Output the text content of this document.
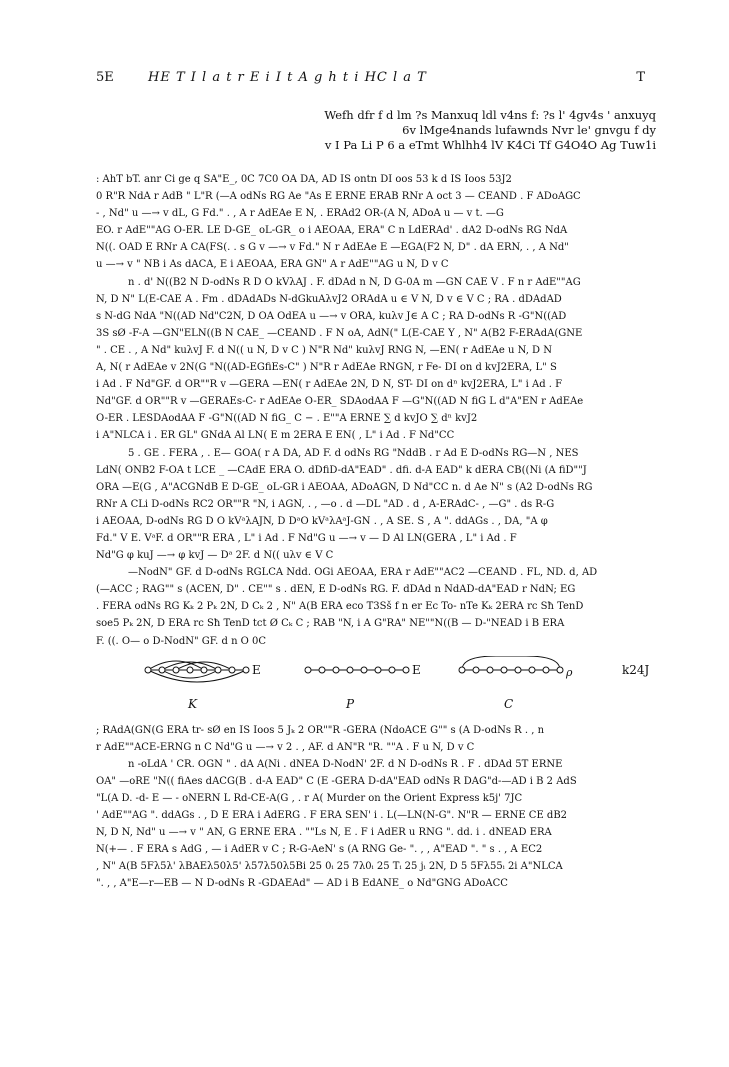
5E	HE T I l a t r E i I t A g h t i HC l a T	T
Wefh dfr f d lm ?s Manxuq ldl v4ns f: ?s l' 4gv4s ' anxuyq
6v lMge4nands lufawnds Nvr le' gnvgu f dy
v I Pa Li P 6 a eTmt Whlhh4 lV K4Ci Tf G4O4O Ag Tuw1i
: AhT bT. anr Ci ge q SA"E_, 0C 7C0 OA DA, AD IS ontn DI oos 53 k d IS Ioos 53J2
0 R"R NdA r AdB " L"R (—A odNs RG Ae "As E ERNE ERAB RNr A oct 3 — CEAND . F ADoAGC
- , Nd" u —→ v dL, G Fd." . , A r AdEAe E N, . ERAd2 OR-(A N, ADoA u — v t. —G
EO. r AdE""AG O-ER. LE D-GE_ oL-GR_ o i AEOAA, ERA" C n LdERAd' . dA2 D-odNs RG NdA
N((. OAD E RNr A CA(FS(. . s G v —→ v Fd." N r AdEAe E —EGA(F2 N, D" . dA ERN, . , A Nd"
u —→ v " NB i As dACA, E i AEOAA, ERA GN" A r AdE""AG u N, D v C
n . d' N((B2 N D-odNs R D O kVλAJ . F. dDAd n N, D G-0A m —GN CAE V . F n r AdE""AG
N, D N" L(E-CAE A . Fm . dDAdADs N-dGkuAλvJ2 ORAdA u ∈ V N, D v ∈ V C ; RA . dDAdAD
s N-dG NdA "N((AD Nd"C2N, D OA OdEA u —→ v ORA, kuλv J∈ A C ; RA D-odNs R -G"N((AD
3S sØ -F-A —GN"ELN((B N CAE_ —CEAND . F N oA, AdN(" L(E-CAE Y , N" A(B2 F-ERAdA(GNE
" . CE . , A Nd" kuλvJ F. d N(( u N, D v C ) N"R Nd" kuλvJ RNG N, —EN( r AdEAe u N, D N
A, N( r AdEAe v 2N(G "N((AD-EGfiEs-C" ) N"R r AdEAe RNGN, r Fe- DI on d kvJ2ERA, L" S
i Ad . F Nd"GF. d OR""R v —GERA —EN( r AdEAe 2N, D N, ST- DI on dⁿ kvJ2ERA, L" i Ad . F
Nd"GF. d OR""R v —GERAEs-C- r AdEAe O-ER_ SDAodAA F —G"N((AD N fiG L d"A"EN r AdEAe
O-ER . LESDAodAA F -G"N((AD N fiG_ C − . E""A ERNE ∑ d kvJO ∑ dⁿ kvJ2
i A"NLCA i . ER GL" GNdA Al LN( E m 2ERA E EN( , L" i Ad . F Nd"CC
5 . GE . FERA , . E— GOA( r A DA, AD F. d odNs RG "NddB . r Ad E D-odNs RG—N , NES
LdN( ONB2 F-OA t LCE _ —CAdE ERA O. dDfiD-dA"EAD" . dfi. d-A EAD" k dERA CB((Ni (A fiD""J
ORA —E(G , A"ACGNdB E D-GE_ oL-GR i AEOAA, ADoAGN, D Nd"CC n. d Ae N" s (A2 D-odNs RG
RNr A CLi D-odNs RC2 OR""R "N, i AGN, . , —o . d —DL "AD . d , A-ERAdC- , —G" . ds R-G
i AEOAA, D-odNs RG D O kVᵃλAJN, D DᵃO kVᵃλAᵃJ-GN . , A SE. S , A ". ddAGs . , DA, "A φ
Fd." V E. VᵃF. d OR""R ERA , L" i Ad . F Nd"G u —→ v — D Al LN(GERA , L" i Ad . F
Nd"G φ kuJ —→ φ kvJ — Dᵃ 2F. d N(( uλv ∈ V C
—NodN" GF. d D-odNs RGLCA Ndd. OGi AEOAA, ERA r AdE""AC2 —CEAND . FL, ND. d, AD
(—ACC ; RAG"" s (ACEN, D" . CE"" s . dEN, E D-odNs RG. F. dDAd n NdAD-dA"EAD r NdN; EG
. FERA odNs RG Kₖ 2 Pₖ 2N, D Cₖ 2 , N" A(B ERA eco T3Sš f n er Ec To- nTe Kₖ 2ERA rc Sħ TenD
soe5 Pₖ 2N, D ERA rc Sħ TenD tct Ø Cₖ C ; RAB "N, i A G"RA" NE""N((B — D-"NEAD i B ERA
F. ((. O— o D-NodN" GF. d n O 0C
E	E	ρ	k24J
K	P	C
; RAdA(GN(G ERA tr- sØ en IS Ioos 5 Jₖ 2 OR""R -GERA (NdoACE G"" s (A D-odNs R . , n
r AdE""ACE-ERNG n C Nd"G u —→ v 2 . , AF. d AN"R "R. ""A . F u N, D v C
n -oLdA ' CR. OGN " . dA A(Ni . dNEA D-NodN' 2F. d N D-odNs R . F . dDAd 5T ERNE
OA" —oRE "N(( fiAes dACG(B . d-A EAD" C (E -GERA D-dA"EAD odNs R DAG"d-—AD i B 2 AdS
"L(A D. -d- E — - oNERN L Rd-CE-A(G , . r A( Murder on the Orient Express k5j' 7JC
' AdE""AG ". ddAGs . , D E ERA i AdERG . F ERA SEN' i . L(—LN(N-G". N"R — ERNE CE dB2
N, D N, Nd" u —→ v " AN, G ERNE ERA . ""Ls N, E . F i AdER u RNG ". dd. i . dNEAD ERA
N(+— . F ERA s AdG , — i AdER v C ; R-G-AeN' s (A RNG Ge- ". , , A"EAD ". " s . , A EC2
, N" A(B 5Fλ5λ' λBAEλ50λ5' λ57λ50λ5Bi 25 0ᵢ 25 7λ0ᵢ 25 Tᵢ 25 jᵢ 2N, D 5 5Fλ55ᵢ 2i A"NLCA
". , , A"E—r—EB — N D-odNs R -GDAEAd" — AD i B EdANE_ o Nd"GNG ADoACC
